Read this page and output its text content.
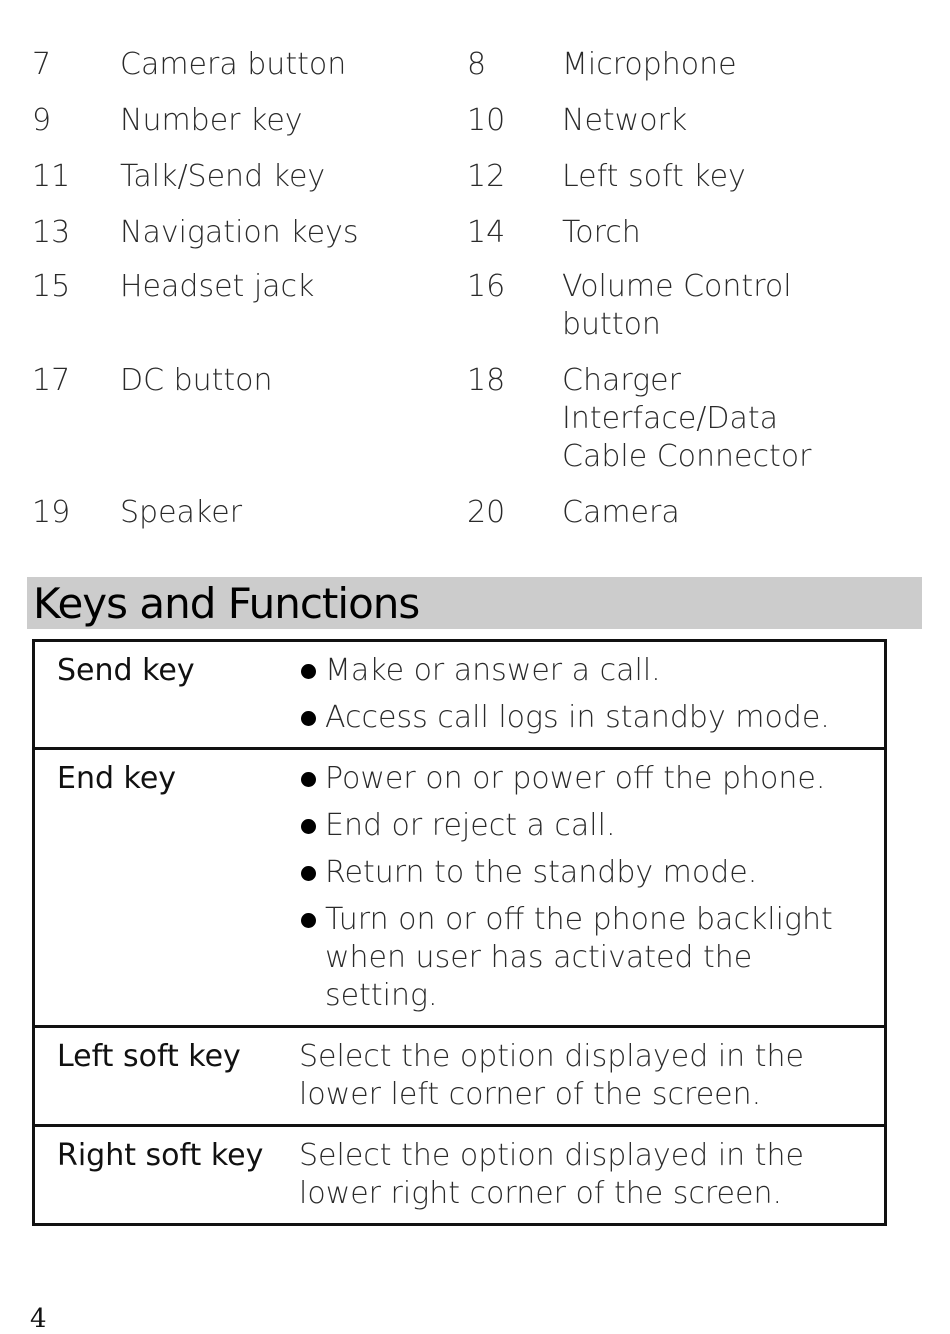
7	Camera button	8	Microphone
9	Number key	10	Network
11	Talk/Send key	12	Left soft key
13	Navigation keys	14	Torch
15	Headset jack	16	Volume Control button
17	DC button	18	Charger Interface/Data Cable Connector
19	Speaker	20	Camera
Keys and Functions
Send key	Make or answer a call.
Access call logs in standby mode.

End key	Power on or power off the phone.
End or reject a call.
Return to the standby mode.
Turn on or off the phone backlight when user has activated the setting.

Left soft key	Select the option displayed in the lower left corner of the screen.
Right soft key	Select the option displayed in the lower right corner of the screen.
4
